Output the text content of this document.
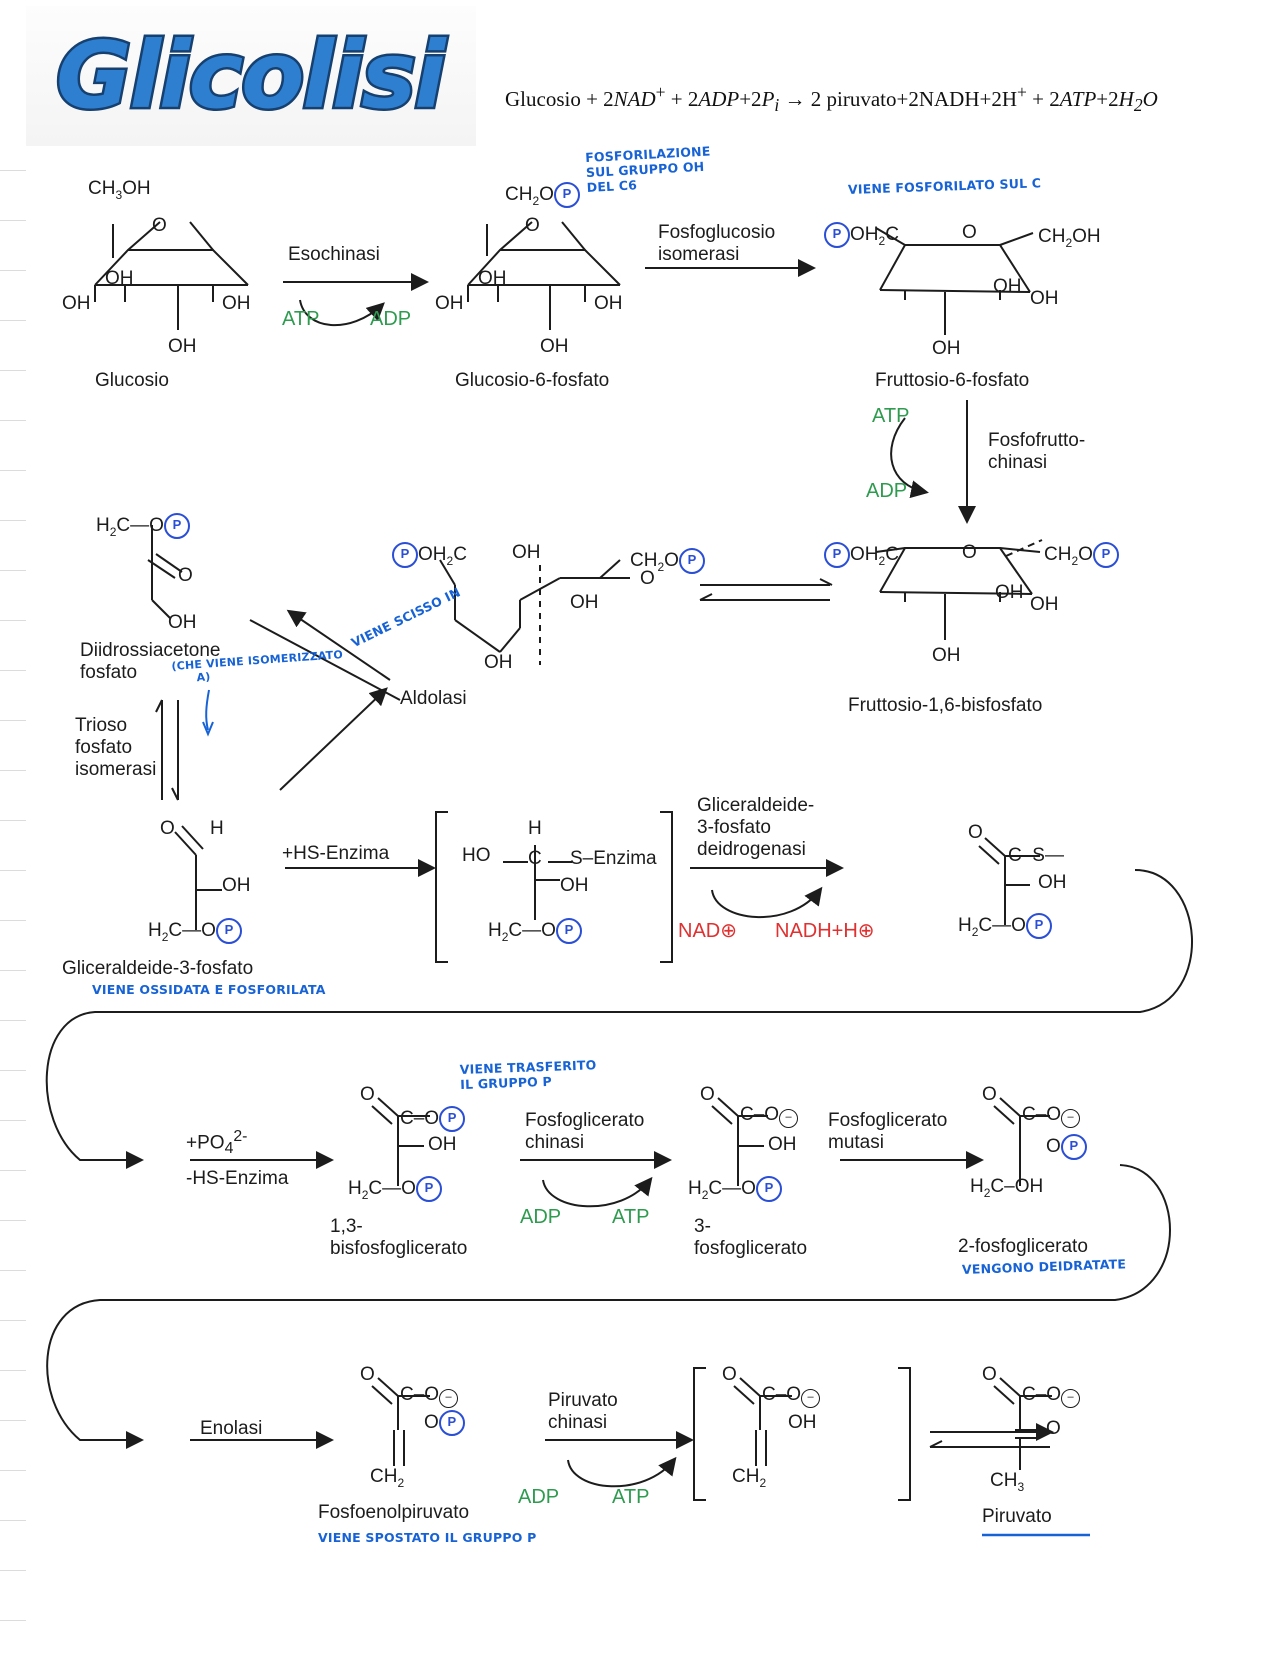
Glicolisi	Glucosio + $2NAD^+ + 2ADP+2P_i \to 2$ piruvato+2NADH+2H+ + $2ATP+2H_2O$
$CH_3OH$
O
OH
OH	OH
OH
Glucosio
Esochinasi
ATP	ADP
$CH_2O$ P
O
OH
OH	OH
OH
Glucosio-6-fosfato
Fosfoglucosio
isomerasi
P $OH_2C$	O	$CH_2OH$
OH
OH
OH
Fruttosio-6-fosfato
FOSFORILAZIONE
SUL GRUPPO OH
DEL C6	VIENE FOSFORILATO SUL C
ATP
ADP
Fosfofrutto-
chinasi
$H_2C—O$ P
O
OH
Diidrossiacetone
fosfato
Trioso
fosfato
isomerasi
VIENE SCISSO IN
(CHE VIENE ISOMERIZZATO
A)
Aldolasi
P $OH_2C$ OH
OH
OH
$CH_2O$ P
O
P $OH_2C$	O	$CH_2O$ P
OH
OH
OH
Fruttosio-1,6-bisfosfato
O H
OH
$H_2C—O$ P
Gliceraldeide-3-fosfato
VIENE OSSIDATA E FOSFORILATA
+HS-Enzima	HO
H
C S–Enzima
OH
$H_2C—O$ P
Gliceraldeide-
3-fosfato
deidrogenasi
NAD⊕ NADH+H⊕
O
C–S—
OH
$H_2C—O$ P
$+PO_4^{2-}$
-HS-Enzima
O
C–O P
OH
$H_2C—O$ P
1,3-
bisfosfoglicerato
VIENE TRASFERITO
IL GRUPPO P
Fosfoglicerato
chinasi
ADP	ATP
O
C–O –
OH
$H_2C—O$ P
3-
fosfoglicerato
Fosfoglicerato
mutasi
O
C–O –
O P
$H_2C-OH$
2-fosfoglicerato
VENGONO DEIDRATATE
Enolasi
O
C–O –
O P
$CH_2$
Fosfoenolpiruvato
VIENE SPOSTATO IL GRUPPO P
Piruvato
chinasi
ADP	ATP
O
C–O –
OH
$CH_2$
O
C–O –
O
$CH_3$
Piruvato
